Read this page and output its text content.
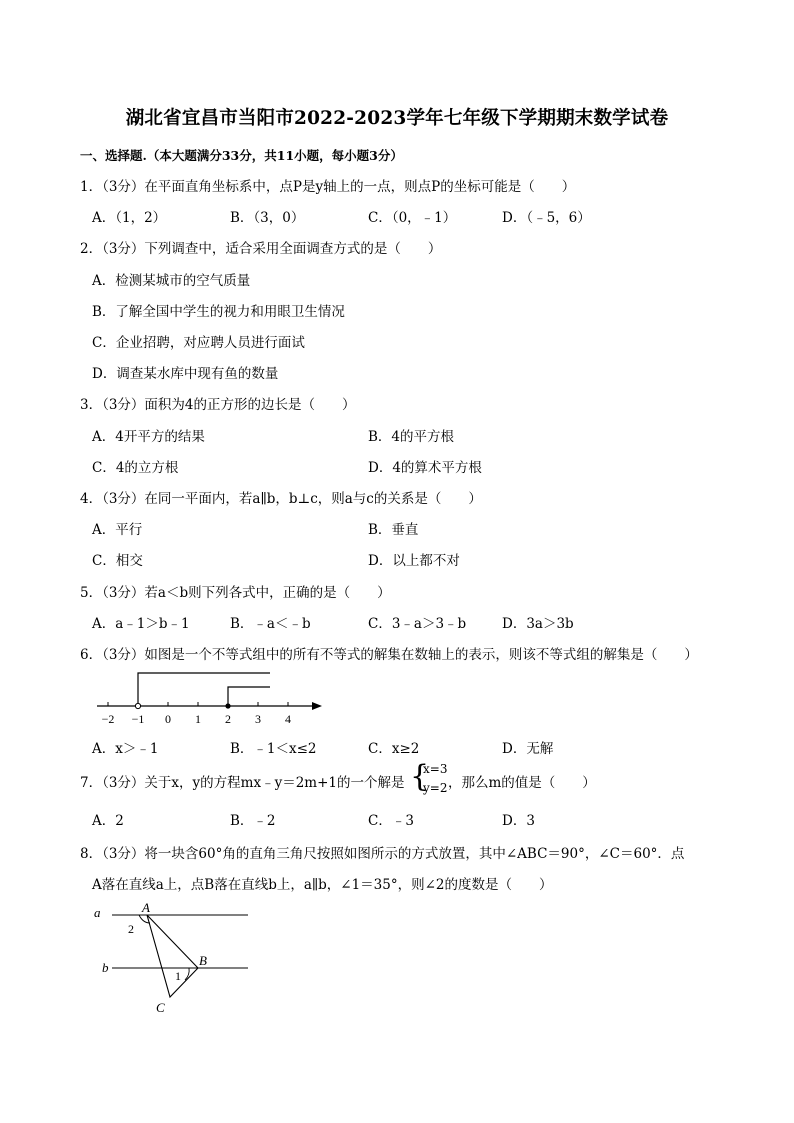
湖北省宜昌市当阳市2022-2023学年七年级下学期期末数学试卷
一、选择题.（本大题满分33分，共11小题，每小题3分）
1．（3分）在平面直角坐标系中，点P是y轴上的一点，则点P的坐标可能是（　　）
A．（1，2）	B．（3，0）	C．（0，﹣1）	D．（﹣5，6）
2．（3分）下列调查中，适合采用全面调查方式的是（　　）
A．检测某城市的空气质量
B．了解全国中学生的视力和用眼卫生情况
C．企业招聘，对应聘人员进行面试
D．调查某水库中现有鱼的数量
3．（3分）面积为4的正方形的边长是（　　）
A．4开平方的结果	B．4的平方根
C．4的立方根	D．4的算术平方根
4．（3分）在同一平面内，若a∥b，b⊥c，则a与c的关系是（　　）
A．平行	B．垂直
C．相交	D．以上都不对
5．（3分）若a＜b则下列各式中，正确的是（　　）
A．a﹣1＞b﹣1	B．﹣a＜﹣b	C．3﹣a＞3﹣b	D．3a＞3b
6．（3分）如图是一个不等式组中的所有不等式的解集在数轴上的表示，则该不等式组的解集是（　　）
−2 −1 0 1 2 3 4
A．x＞﹣1	B．﹣1＜x≤2	C．x≥2	D．无解
7．（3分）关于x，y的方程mx﹣y＝2m+1的一个解是 {
x=3
y=2 ，那么m的值是（　　）
A．2	B．﹣2	C．﹣3	D．3
8．（3分）将一块含60°角的直角三角尺按照如图所示的方式放置，其中∠ABC＝90°，∠C＝60°．点
A落在直线a上，点B落在直线b上，a∥b，∠1＝35°，则∠2的度数是（　　）
a	A
2
b	B
1
C
